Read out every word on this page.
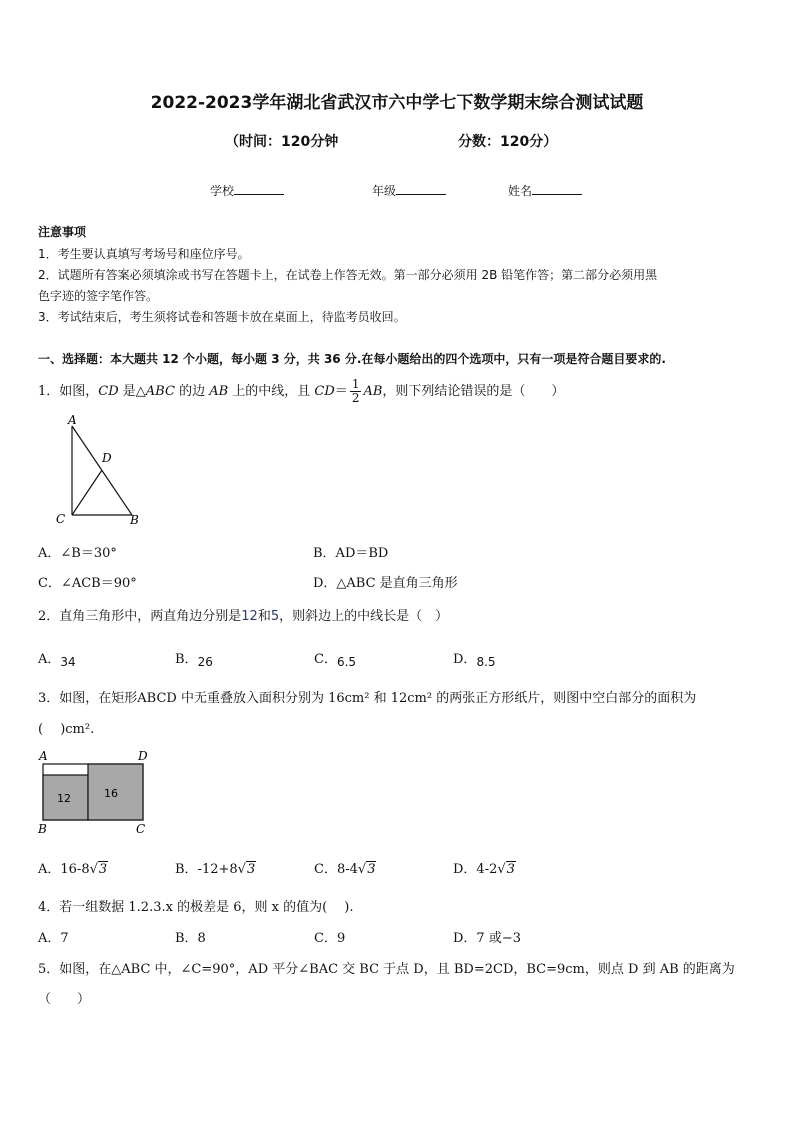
2022-2023学年湖北省武汉市六中学七下数学期末综合测试试题
（时间：120分钟	分数：120分）
学校	年级	姓名
注意事项
1．考生要认真填写考场号和座位序号。
2．试题所有答案必须填涂或书写在答题卡上，在试卷上作答无效。第一部分必须用 2B 铅笔作答；第二部分必须用黑
色字迹的签字笔作答。
3．考试结束后，考生须将试卷和答题卡放在桌面上，待监考员收回。
一、选择题：本大题共 12 个小题，每小题 3 分，共 36 分.在每小题给出的四个选项中，只有一项是符合题目要求的.
1．如图，CD 是△ABC 的边 AB 上的中线，且 $CD= \frac{1}{2}$ AB，则下列结论错误的是（　　）
A
D
C	B
A．∠B＝30°	B．AD＝BD
C．∠ACB＝90°	D．△ABC 是直角三角形
2．直角三角形中，两直角边分别是12和5，则斜边上的中线长是（　）
A．34	B．26	C．6.5	D．8.5
3．如图，在矩形ABCD 中无重叠放入面积分别为 16cm² 和 12cm² 的两张正方形纸片，则图中空白部分的面积为
(　 )cm².
A	D
B	C
12	16
A．16-8√3	B．-12+8√3	C．8-4√3	D．4-2√3
4．若一组数据 1.2.3.x 的极差是 6，则 x 的值为(　 ).
A．7	B．8	C．9	D．7 或−3
5．如图，在△ABC 中，∠C=90°，AD 平分∠BAC 交 BC 于点 D，且 BD=2CD，BC=9cm，则点 D 到 AB 的距离为
（　　）
